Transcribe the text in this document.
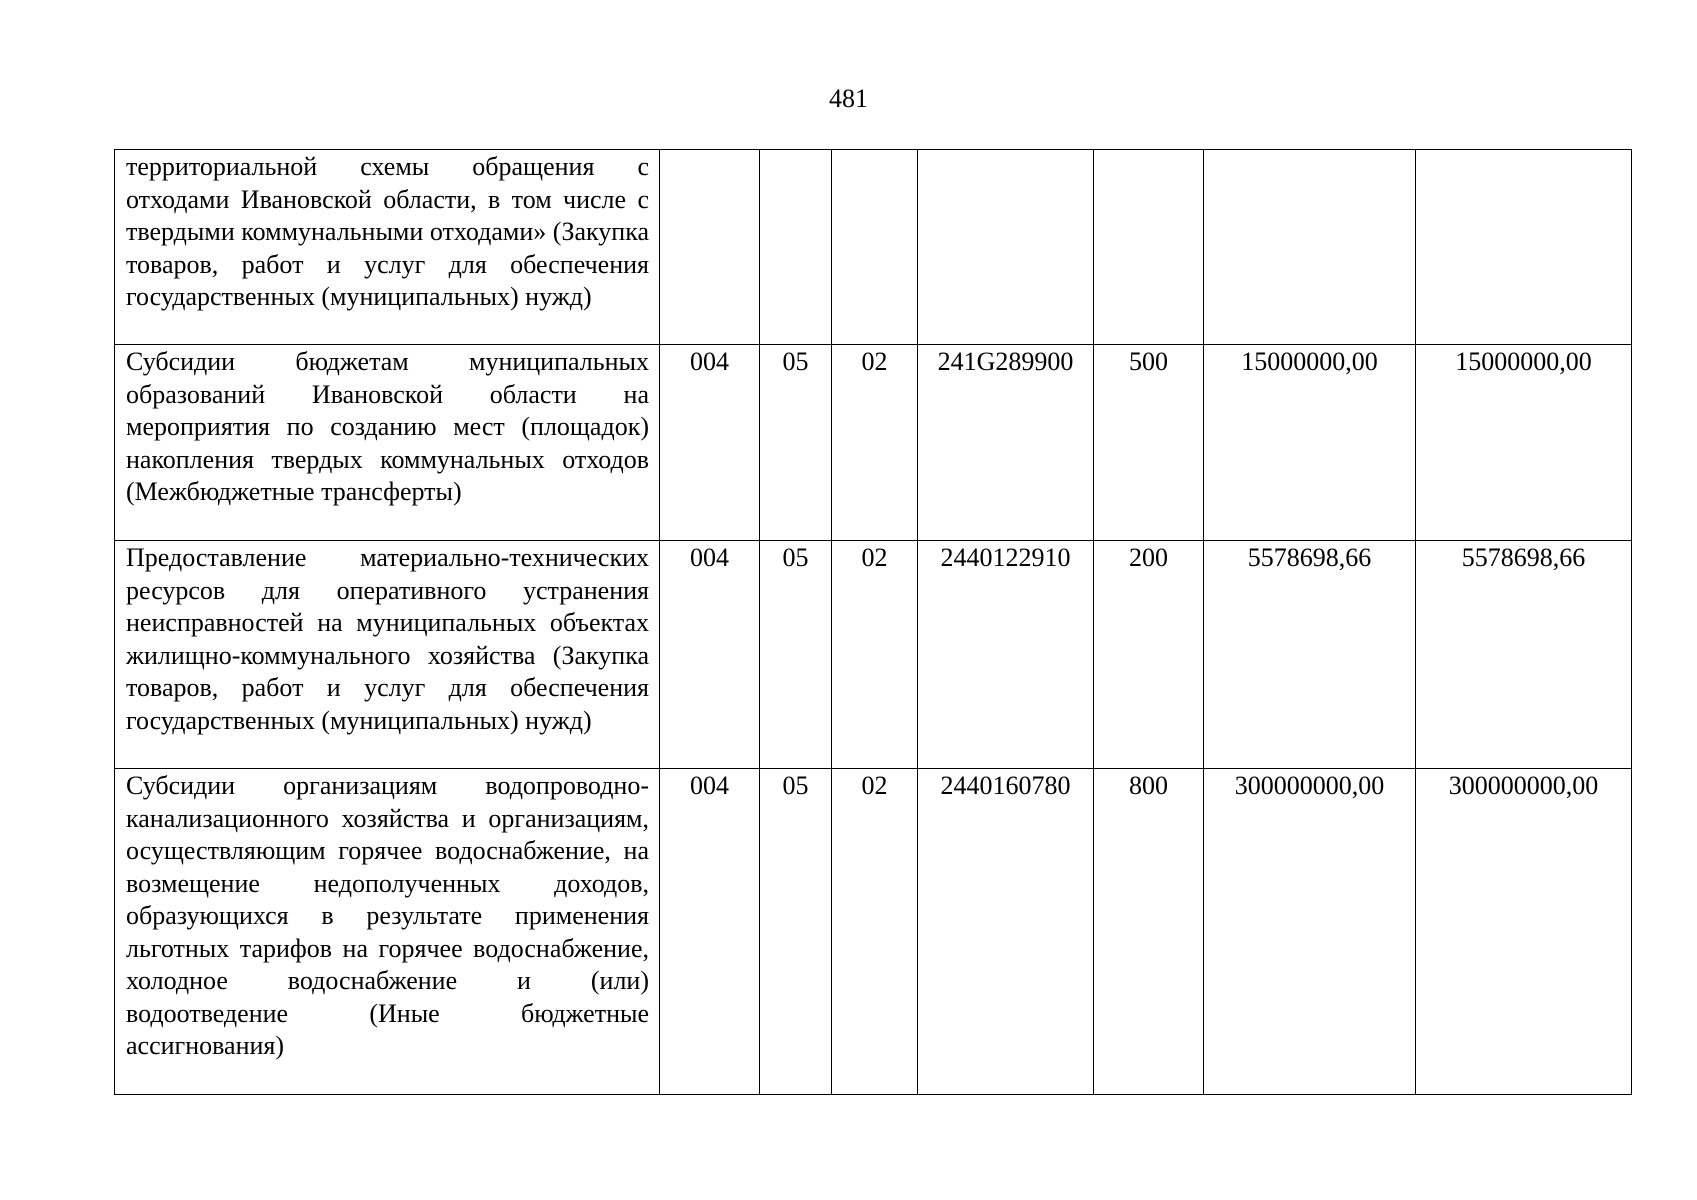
481
территориальной схемы обращения с отходами Ивановской области, в том числе с твердыми коммунальными отходами» (Закупка товаров, работ и услуг для обеспечения государственных (муниципальных) нужд)							
Субсидии бюджетам муниципальных образований Ивановской области на мероприятия по созданию мест (площадок) накопления твердых коммунальных отходов (Межбюджетные трансферты)	004	05	02	241G289900	500	15000000,00	15000000,00
Предоставление материально-технических ресурсов для оперативного устранения неисправностей на муниципальных объектах жилищно-коммунального хозяйства (Закупка товаров, работ и услуг для обеспечения государственных (муниципальных) нужд)	004	05	02	2440122910	200	5578698,66	5578698,66
Субсидии организациям водопроводно-канализационного хозяйства и организациям, осуществляющим горячее водоснабжение, на возмещение недополученных доходов, образующихся в результате применения льготных тарифов на горячее водоснабжение, холодное водоснабжение и (или) водоотведение (Иные бюджетные ассигнования)	004	05	02	2440160780	800	300000000,00	300000000,00
